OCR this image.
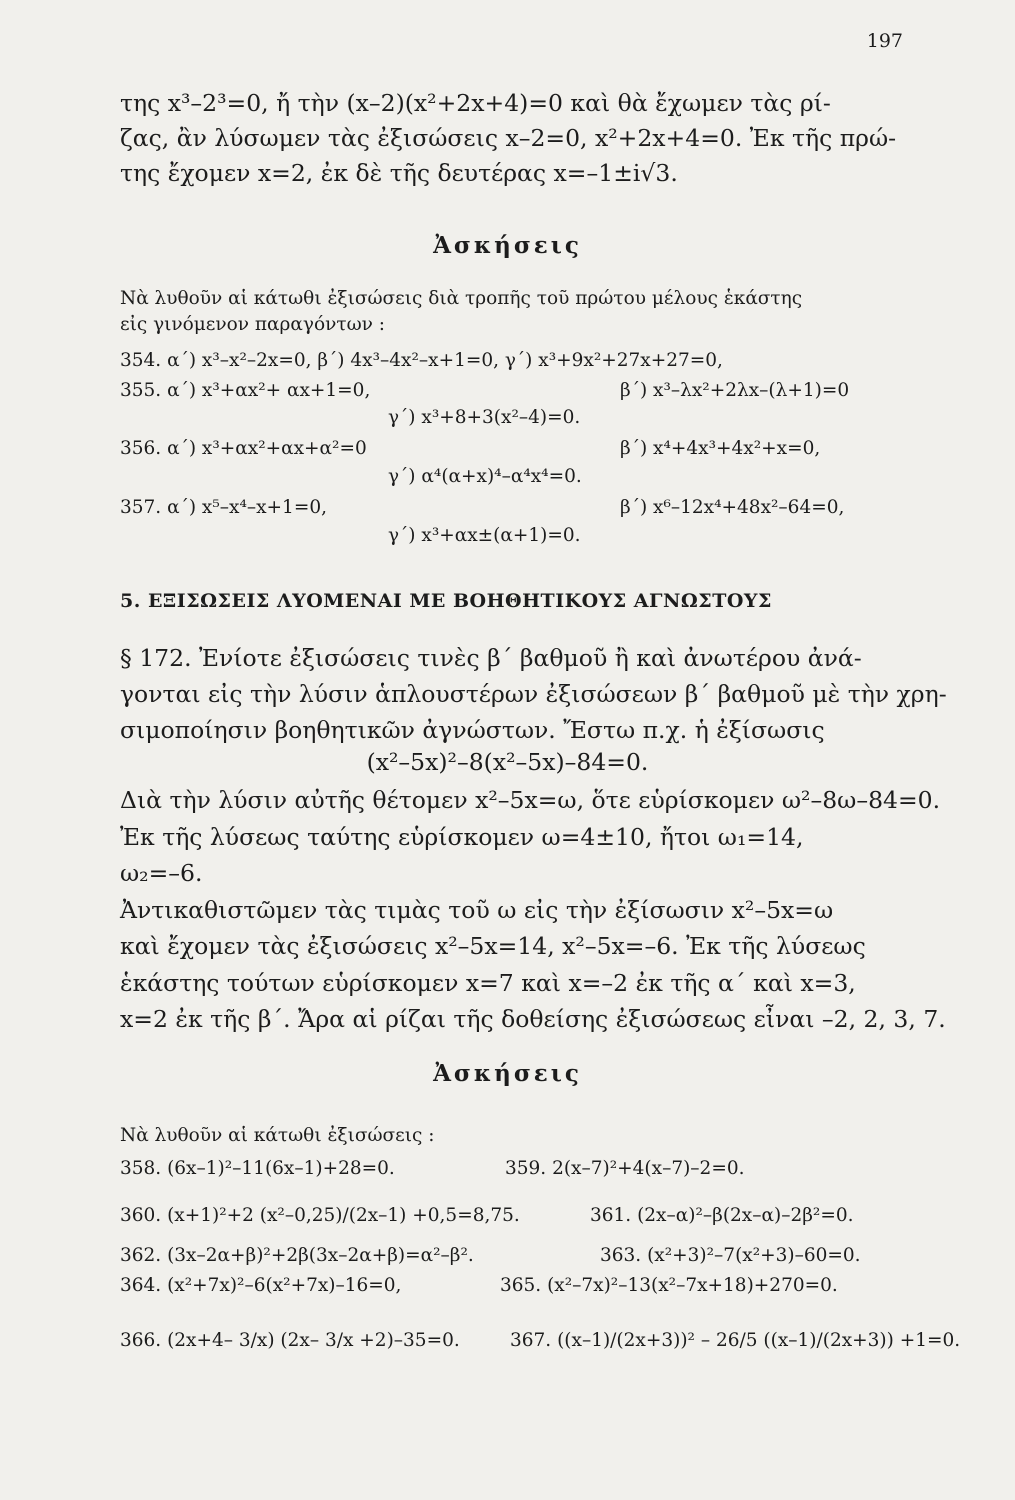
197
της x³–2³=0, ἤ τὴν (x–2)(x²+2x+4)=0 καὶ θὰ ἔχωμεν τὰς ρί-
ζας, ἂν λύσωμεν τὰς ἐξισώσεις x–2=0, x²+2x+4=0. Ἐκ τῆς πρώ-
της ἔχομεν x=2, ἐκ δὲ τῆς δευτέρας x=–1±i√3.
Ἀσκήσεις

Νὰ λυθοῦν αἱ κάτωθι ἐξισώσεις διὰ τροπῆς τοῦ πρώτου μέλους ἑκάστης
εἰς γινόμενον παραγόντων :

354. α΄) x³–x²–2x=0, β΄) 4x³–4x²–x+1=0, γ΄) x³+9x²+27x+27=0,
355. α΄) x³+αx²+ αx+1=0,	β΄) x³–λx²+2λx–(λ+1)=0
γ΄) x³+8+3(x²–4)=0.
356. α΄) x³+αx²+αx+α²=0	β΄) x⁴+4x³+4x²+x=0,
γ΄) α⁴(α+x)⁴–α⁴x⁴=0.
357. α΄) x⁵–x⁴–x+1=0,	β΄) x⁶–12x⁴+48x²–64=0,
γ΄) x³+αx±(α+1)=0.
5. ΕΞΙΣΩΣΕΙΣ ΛΥΟΜΕΝΑΙ ΜΕ ΒΟΗΘΗΤΙΚΟΥΣ ΑΓΝΩΣΤΟΥΣ
§ 172. Ἐνίοτε ἐξισώσεις τινὲς β΄ βαθμοῦ ἢ καὶ ἀνωτέρου ἀνά-
γονται εἰς τὴν λύσιν ἁπλουστέρων ἐξισώσεων β΄ βαθμοῦ μὲ τὴν χρη-
σιμοποίησιν βοηθητικῶν ἀγνώστων. Ἔστω π.χ. ἡ ἐξίσωσις
(x²–5x)²–8(x²–5x)–84=0.
Διὰ τὴν λύσιν αὐτῆς θέτομεν x²–5x=ω, ὅτε εὑρίσκομεν ω²–8ω–84=0.
Ἐκ τῆς λύσεως ταύτης εὑρίσκομεν ω=4±10, ἤτοι ω₁=14,
ω₂=–6.
Ἀντικαθιστῶμεν τὰς τιμὰς τοῦ ω εἰς τὴν ἐξίσωσιν x²–5x=ω
καὶ ἔχομεν τὰς ἐξισώσεις x²–5x=14, x²–5x=–6. Ἐκ τῆς λύσεως
ἑκάστης τούτων εὑρίσκομεν x=7 καὶ x=–2 ἐκ τῆς α΄ καὶ x=3,
x=2 ἐκ τῆς β΄. Ἄρα αἱ ρίζαι τῆς δοθείσης ἐξισώσεως εἶναι –2, 2, 3, 7.
Ἀσκήσεις
Νὰ λυθοῦν αἱ κάτωθι ἐξισώσεις :
358. (6x–1)²–11(6x–1)+28=0.	359. 2(x–7)²+4(x–7)–2=0.
360. (x+1)²+2 (x²–0,25)/(2x–1) +0,5=8,75.	361. (2x–α)²–β(2x–α)–2β²=0.
362. (3x–2α+β)²+2β(3x–2α+β)=α²–β².	363. (x²+3)²–7(x²+3)–60=0.
364. (x²+7x)²–6(x²+7x)–16=0,	365. (x²–7x)²–13(x²–7x+18)+270=0.
366. (2x+4– 3/x) (2x– 3/x +2)–35=0.	367. ((x–1)/(2x+3))² – 26/5 ((x–1)/(2x+3)) +1=0.
